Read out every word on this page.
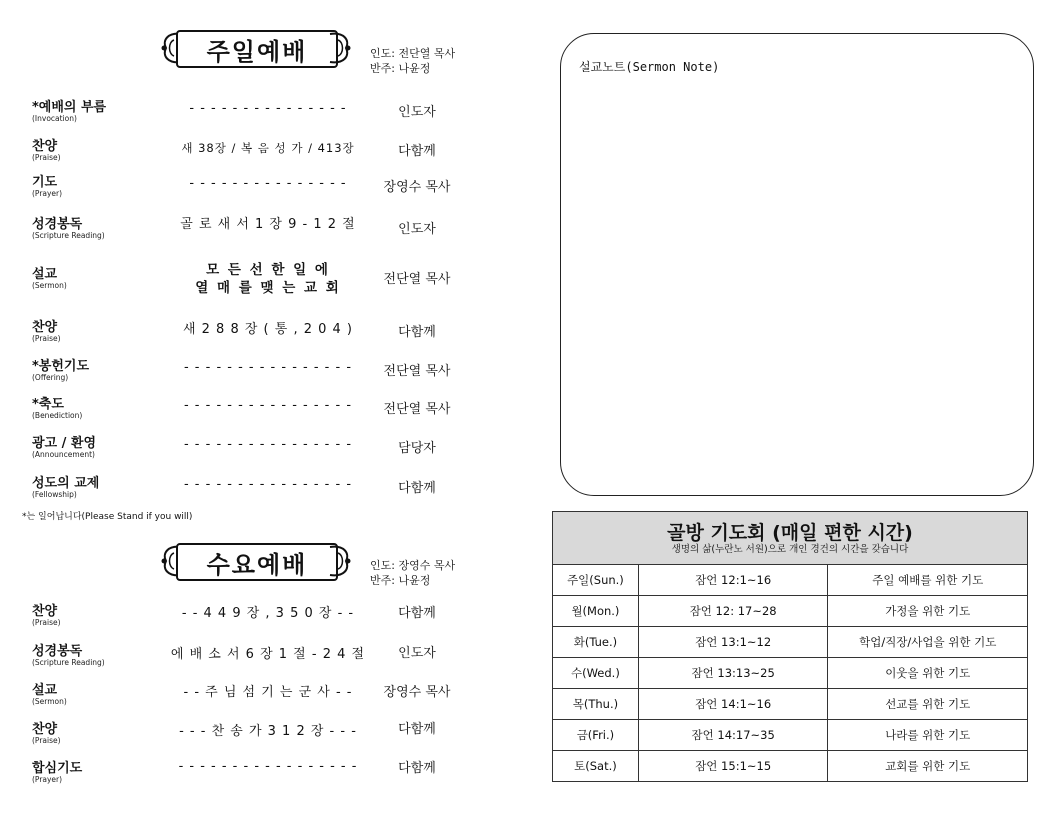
주일예배	인도: 전단열 목사
반주: 나윤정
*예배의 부름
(Invocation)
- - - - - - - - - - - - - - -	인도자
찬양
(Praise)
새 38장 / 복 음 성 가 / 413장	다함께
기도
(Prayer)
- - - - - - - - - - - - - - -	장영수 목사
성경봉독
(Scripture Reading)
골 로 새 서 1 장 9 - 1 2 절	인도자
설교
(Sermon)
모 든 선 한 일 에
열 매 를 맺 는 교 회
전단열 목사
찬양
(Praise)
새 2 8 8 장 ( 통 , 2 0 4 )	다함께
*봉헌기도
(Offering)
- - - - - - - - - - - - - - - -	전단열 목사
*축도
(Benediction)
- - - - - - - - - - - - - - - -	전단열 목사
광고 / 환영
(Announcement)
- - - - - - - - - - - - - - - -	담당자
성도의 교제
(Fellowship)
- - - - - - - - - - - - - - - -	다함께
*는 일어납니다(Please Stand if you will)
수요예배	인도: 장영수 목사
반주: 나윤정
찬양
(Praise)
- - 4 4 9 장 , 3 5 0 장 - -	다함께
성경봉독
(Scripture Reading)
에 배 소 서 6 장 1 절 - 2 4 절	인도자
설교
(Sermon)
- - 주 님 섬 기 는 군 사 - -	장영수 목사
찬양
(Praise)
- - - 찬 송 가 3 1 2 장 - - -	다함께
합심기도
(Prayer)
- - - - - - - - - - - - - - - - -	다함께
설교노트(Sermon Note)
골방 기도회 (매일 편한 시간)
생명의 삶(누란노 서원)으로 개인 경건의 시간을 갖습니다		

주일(Sun.)	잠언 12:1~16	주일 예배를 위한 기도
월(Mon.)	잠언 12: 17~28	가정을 위한 기도
화(Tue.)	잠언 13:1~12	학업/직장/사업을 위한 기도
수(Wed.)	잠언 13:13~25	이웃을 위한 기도
목(Thu.)	잠언 14:1~16	선교를 위한 기도
금(Fri.)	잠언 14:17~35	나라를 위한 기도
토(Sat.)	잠언 15:1~15	교회를 위한 기도
